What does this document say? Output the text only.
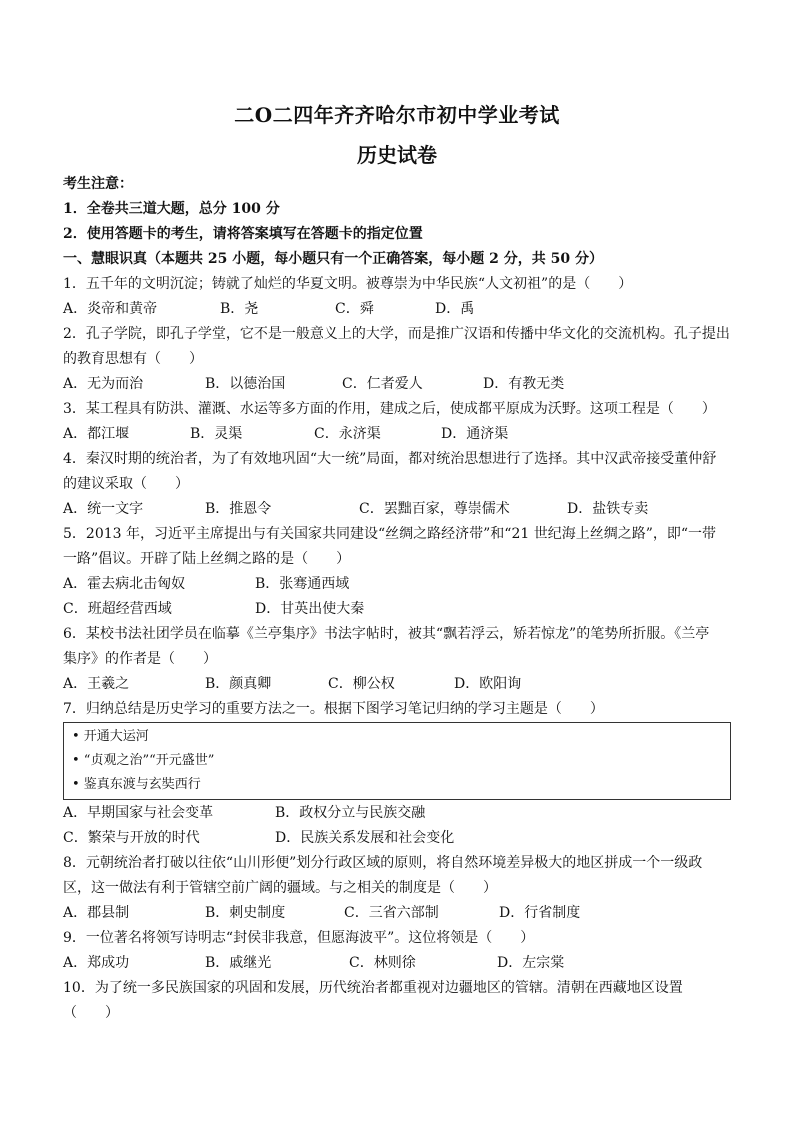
二O二四年齐齐哈尔市初中学业考试
历史试卷
考生注意：
1．全卷共三道大题，总分 100 分
2．使用答题卡的考生，请将答案填写在答题卡的指定位置
一、慧眼识真（本题共 25 小题，每小题只有一个正确答案，每小题 2 分，共 50 分）
1．五千年的文明沉淀；铸就了灿烂的华夏文明。被尊崇为中华民族“人文初祖”的是（　　）
A．炎帝和黄帝	B．尧	C．舜	D．禹
2．孔子学院，即孔子学堂，它不是一般意义上的大学，而是推广汉语和传播中华文化的交流机构。孔子提出
的教育思想有（　　）
A．无为而治	B．以德治国	C．仁者爱人	D．有教无类
3．某工程具有防洪、灌溉、水运等多方面的作用，建成之后，使成都平原成为沃野。这项工程是（　　）
A．都江堰	B．灵渠	C．永济渠	D．通济渠
4．秦汉时期的统治者，为了有效地巩固“大一统”局面，都对统治思想进行了选择。其中汉武帝接受董仲舒
的建议采取（　　）
A．统一文字	B．推恩令	C．罢黜百家，尊崇儒术	D．盐铁专卖
5．2013 年，习近平主席提出与有关国家共同建设“丝绸之路经济带”和“21 世纪海上丝绸之路”，即“一带
一路”倡议。开辟了陆上丝绸之路的是（　　）
A．霍去病北击匈奴	B．张骞通西域
C．班超经营西域	D．甘英出使大秦
6．某校书法社团学员在临摹《兰亭集序》书法字帖时，被其“飘若浮云，矫若惊龙”的笔势所折服。《兰亭
集序》的作者是（　　）
A．王羲之	B．颜真卿	C．柳公权	D．欧阳询
7．归纳总结是历史学习的重要方法之一。根据下图学习笔记归纳的学习主题是（　　）
• 开通大运河
• “贞观之治”“开元盛世”
• 鉴真东渡与玄奘西行
A．早期国家与社会变革	B．政权分立与民族交融
C．繁荣与开放的时代	D．民族关系发展和社会变化
8．元朝统治者打破以往依“山川形便”划分行政区域的原则，将自然环境差异极大的地区拼成一个一级政
区，这一做法有利于管辖空前广阔的疆域。与之相关的制度是（　　）
A．郡县制	B．刺史制度	C．三省六部制	D．行省制度
9．一位著名将领写诗明志“封侯非我意，但愿海波平”。这位将领是（　　）
A．郑成功	B．戚继光	C．林则徐	D．左宗棠
10．为了统一多民族国家的巩固和发展，历代统治者都重视对边疆地区的管辖。清朝在西藏地区设置
（　　）
